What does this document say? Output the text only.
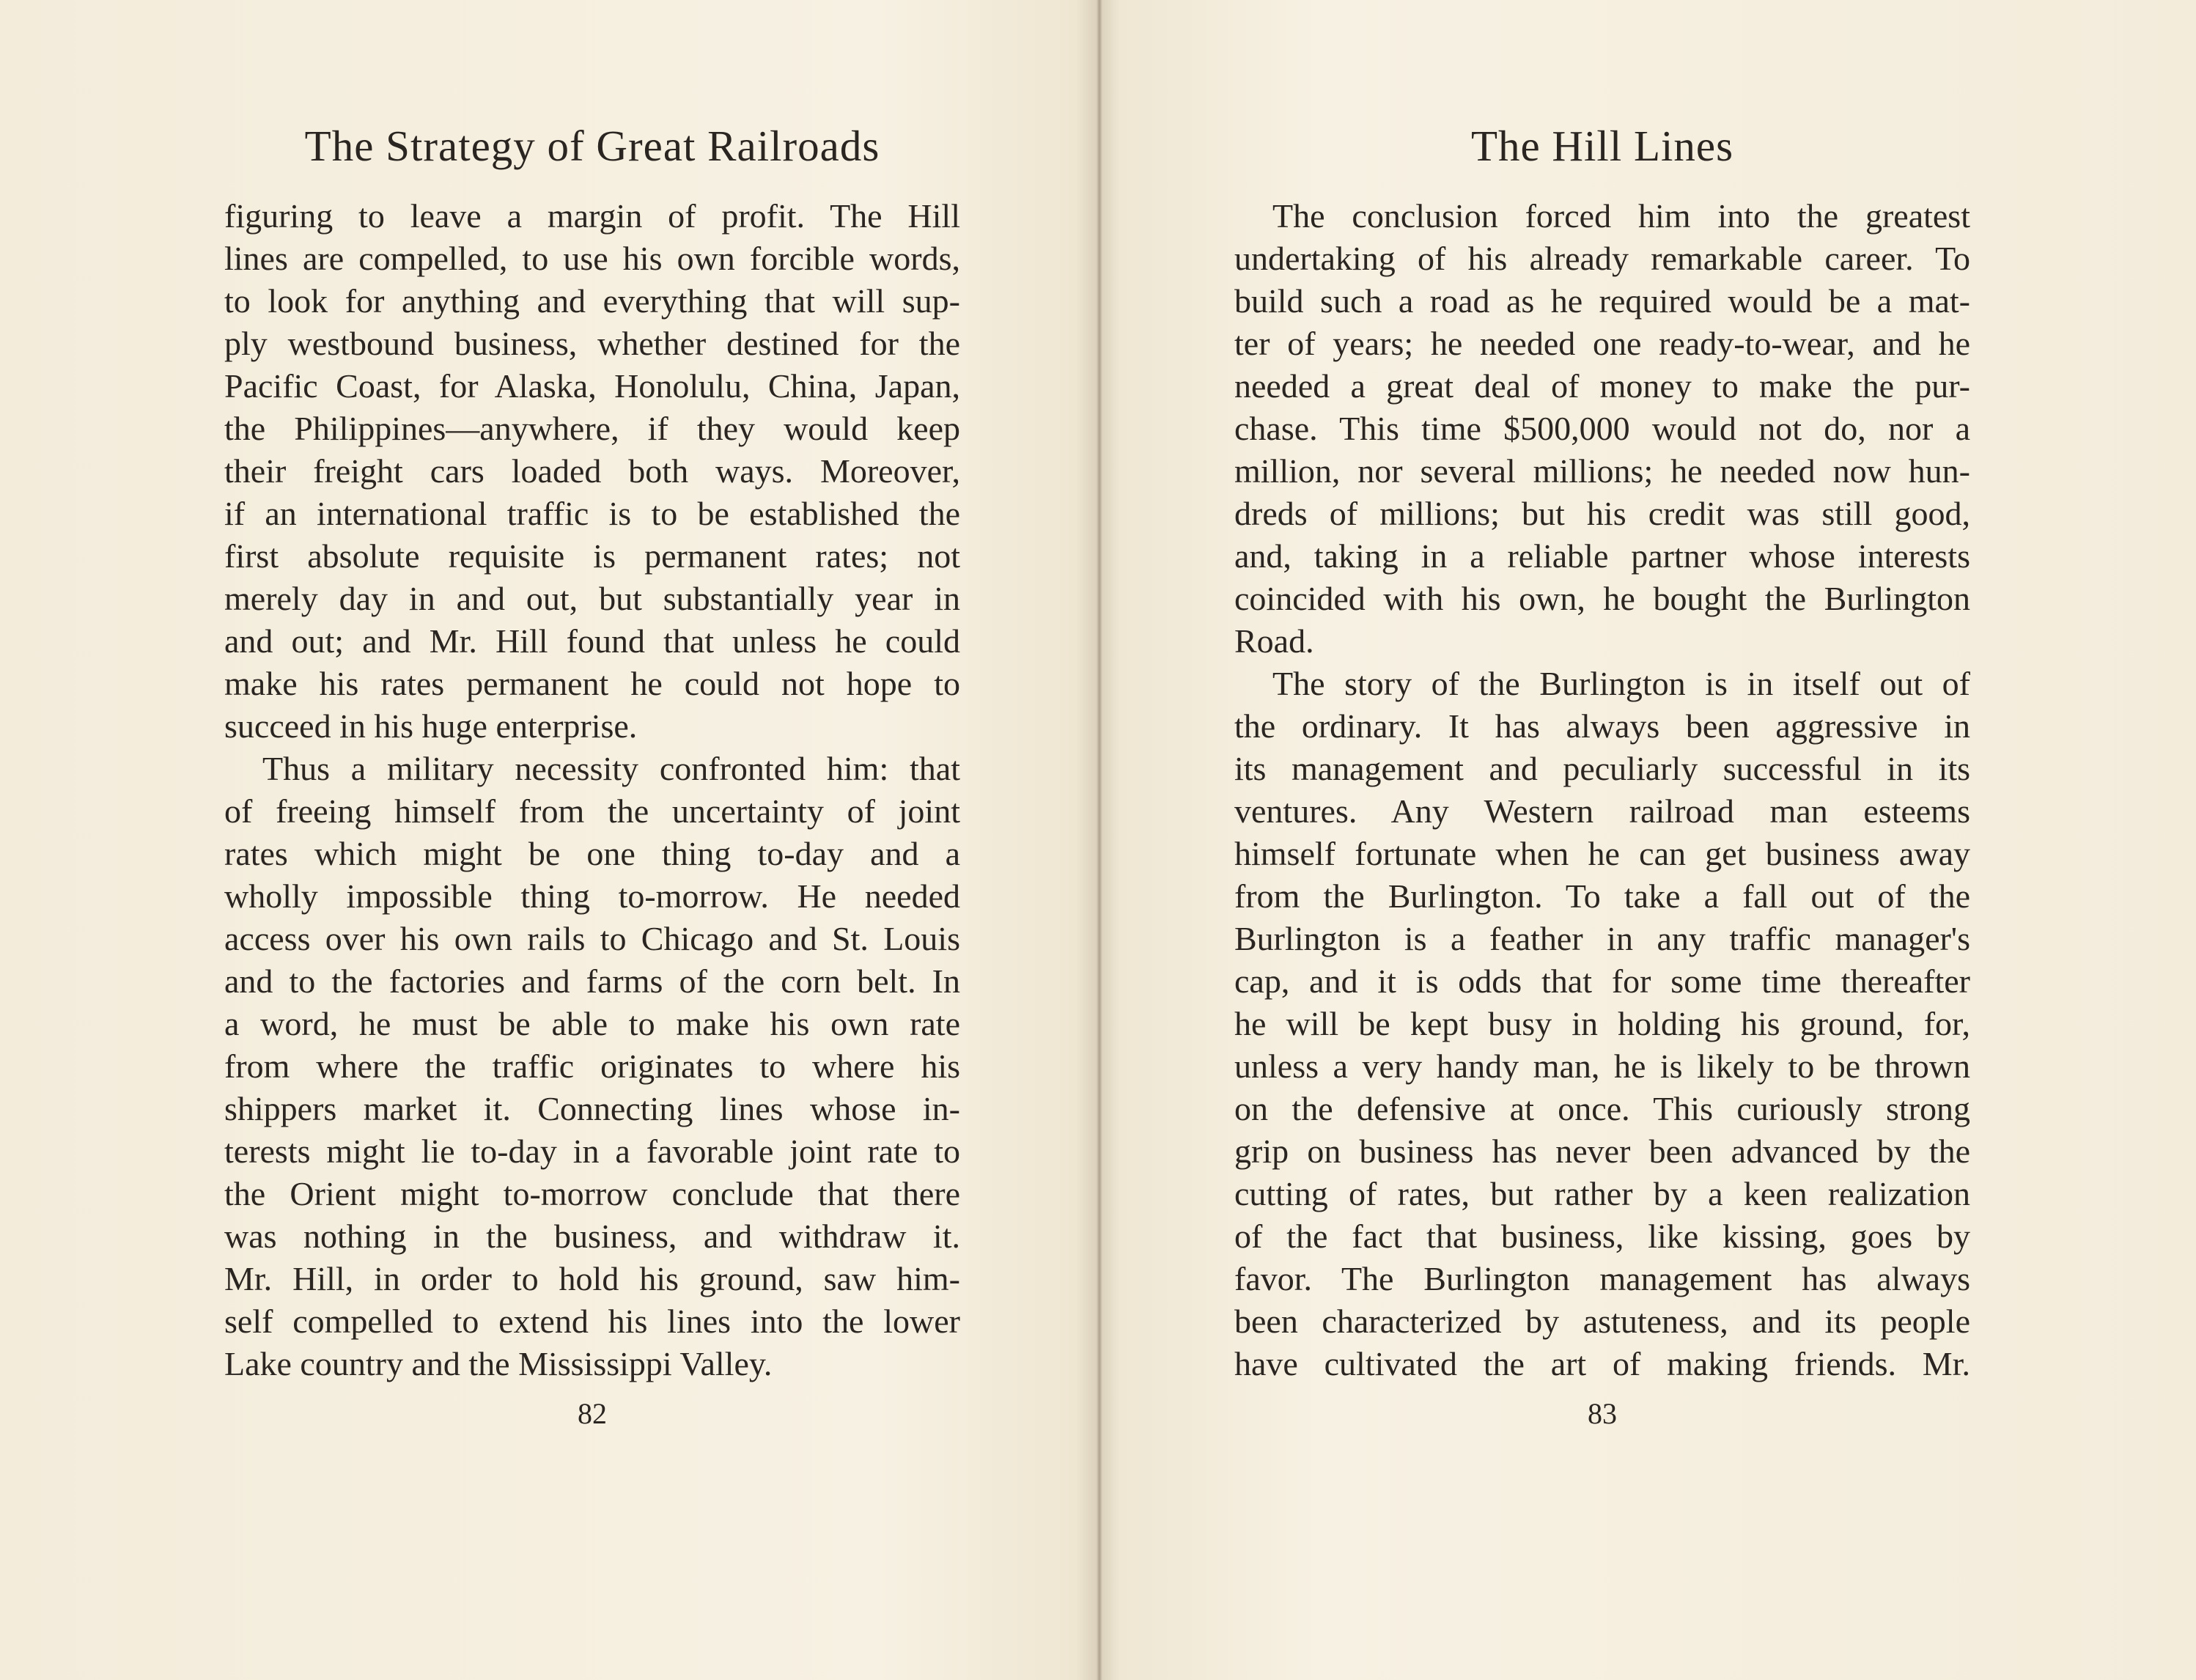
The Strategy of Great Railroads
figuring to leave a margin of profit. The Hill
lines are compelled, to use his own forcible words,
to look for anything and everything that will sup-
ply westbound business, whether destined for the
Pacific Coast, for Alaska, Honolulu, China, Japan,
the Philippines—anywhere, if they would keep
their freight cars loaded both ways. Moreover,
if an international traffic is to be established the
first absolute requisite is permanent rates; not
merely day in and out, but substantially year in
and out; and Mr. Hill found that unless he could
make his rates permanent he could not hope to
succeed in his huge enterprise.
Thus a military necessity confronted him: that
of freeing himself from the uncertainty of joint
rates which might be one thing to-day and a
wholly impossible thing to-morrow. He needed
access over his own rails to Chicago and St. Louis
and to the factories and farms of the corn belt. In
a word, he must be able to make his own rate
from where the traffic originates to where his
shippers market it. Connecting lines whose in-
terests might lie to-day in a favorable joint rate to
the Orient might to-morrow conclude that there
was nothing in the business, and withdraw it.
Mr. Hill, in order to hold his ground, saw him-
self compelled to extend his lines into the lower
Lake country and the Mississippi Valley.
82
The Hill Lines
The conclusion forced him into the greatest
undertaking of his already remarkable career. To
build such a road as he required would be a mat-
ter of years; he needed one ready-to-wear, and he
needed a great deal of money to make the pur-
chase. This time $500,000 would not do, nor a
million, nor several millions; he needed now hun-
dreds of millions; but his credit was still good,
and, taking in a reliable partner whose interests
coincided with his own, he bought the Burlington
Road.
The story of the Burlington is in itself out of
the ordinary. It has always been aggressive in
its management and peculiarly successful in its
ventures. Any Western railroad man esteems
himself fortunate when he can get business away
from the Burlington. To take a fall out of the
Burlington is a feather in any traffic manager's
cap, and it is odds that for some time thereafter
he will be kept busy in holding his ground, for,
unless a very handy man, he is likely to be thrown
on the defensive at once. This curiously strong
grip on business has never been advanced by the
cutting of rates, but rather by a keen realization
of the fact that business, like kissing, goes by
favor. The Burlington management has always
been characterized by astuteness, and its people
have cultivated the art of making friends. Mr.
83
